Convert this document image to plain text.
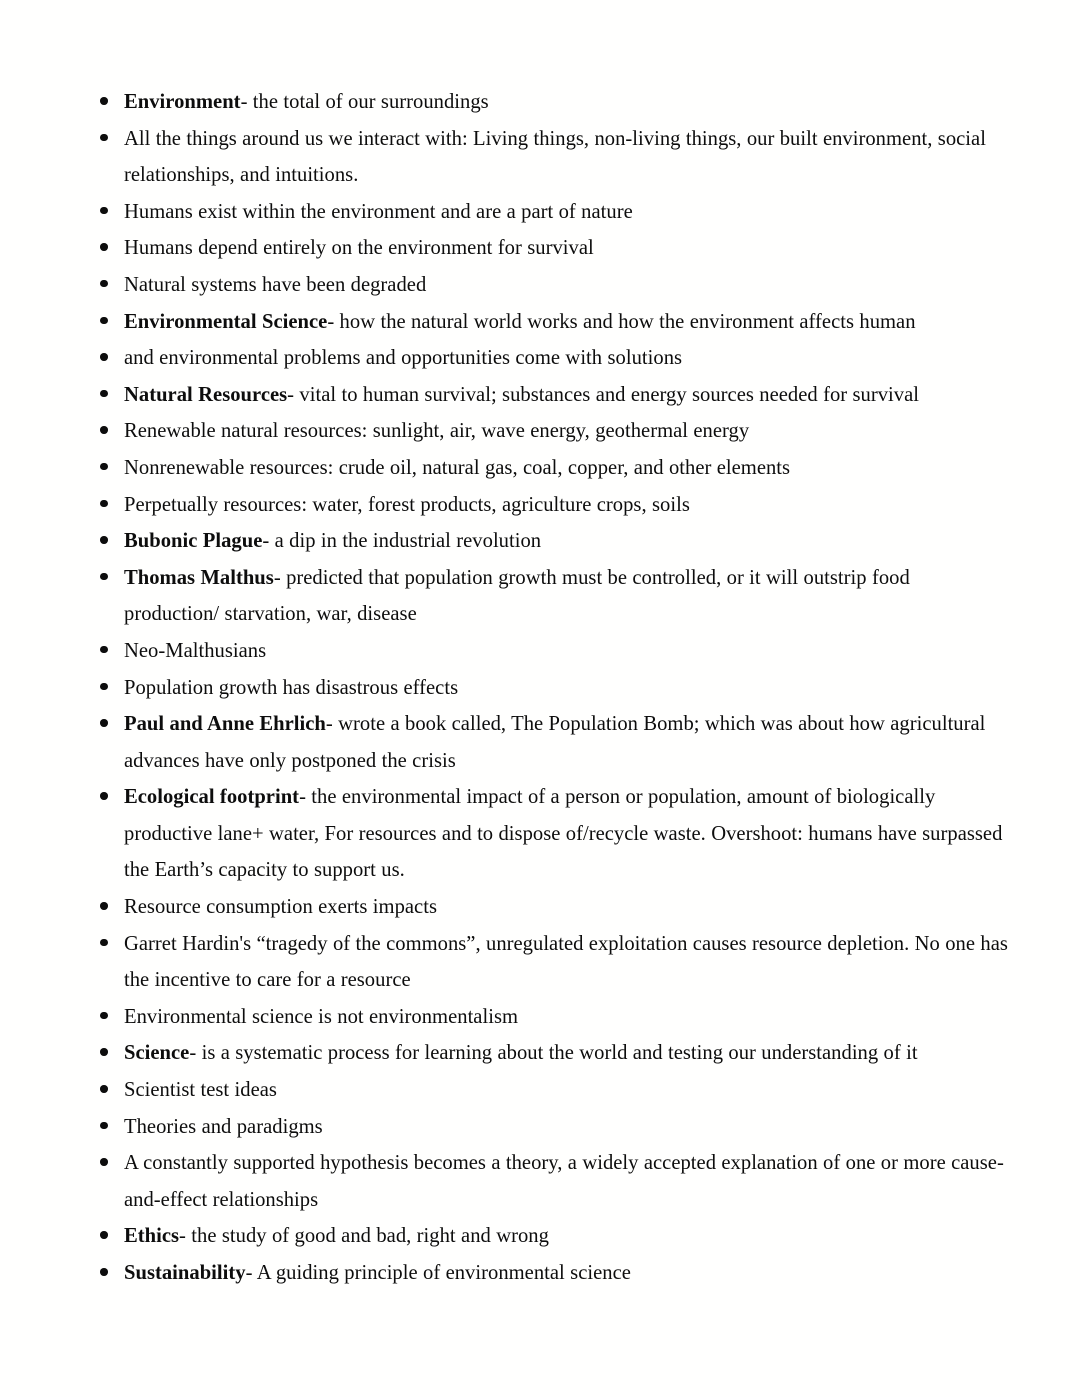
Environment- the total of our surroundings
All the things around us we interact with: Living things, non-living things, our built environment, social relationships, and intuitions.
Humans exist within the environment and are a part of nature
Humans depend entirely on the environment for survival
Natural systems have been degraded
Environmental Science- how the natural world works and how the environment affects human
and environmental problems and opportunities come with solutions
Natural Resources- vital to human survival; substances and energy sources needed for survival
Renewable natural resources: sunlight, air, wave energy, geothermal energy
Nonrenewable resources: crude oil, natural gas, coal, copper, and other elements
Perpetually resources: water, forest products, agriculture crops, soils
Bubonic Plague- a dip in the industrial revolution
Thomas Malthus- predicted that population growth must be controlled, or it will outstrip food production/ starvation, war, disease
Neo-Malthusians
Population growth has disastrous effects
Paul and Anne Ehrlich- wrote a book called, The Population Bomb; which was about how agricultural advances have only postponed the crisis
Ecological footprint- the environmental impact of a person or population, amount of biologically productive lane+ water, For resources and to dispose of/recycle waste. Overshoot: humans have surpassed the Earth’s capacity to support us.
Resource consumption exerts impacts
Garret Hardin's “tragedy of the commons”, unregulated exploitation causes resource depletion. No one has the incentive to care for a resource
Environmental science is not environmentalism
Science- is a systematic process for learning about the world and testing our understanding of it
Scientist test ideas
Theories and paradigms
A constantly supported hypothesis becomes a theory, a widely accepted explanation of one or more cause-and-effect relationships
Ethics- the study of good and bad, right and wrong
Sustainability- A guiding principle of environmental science
